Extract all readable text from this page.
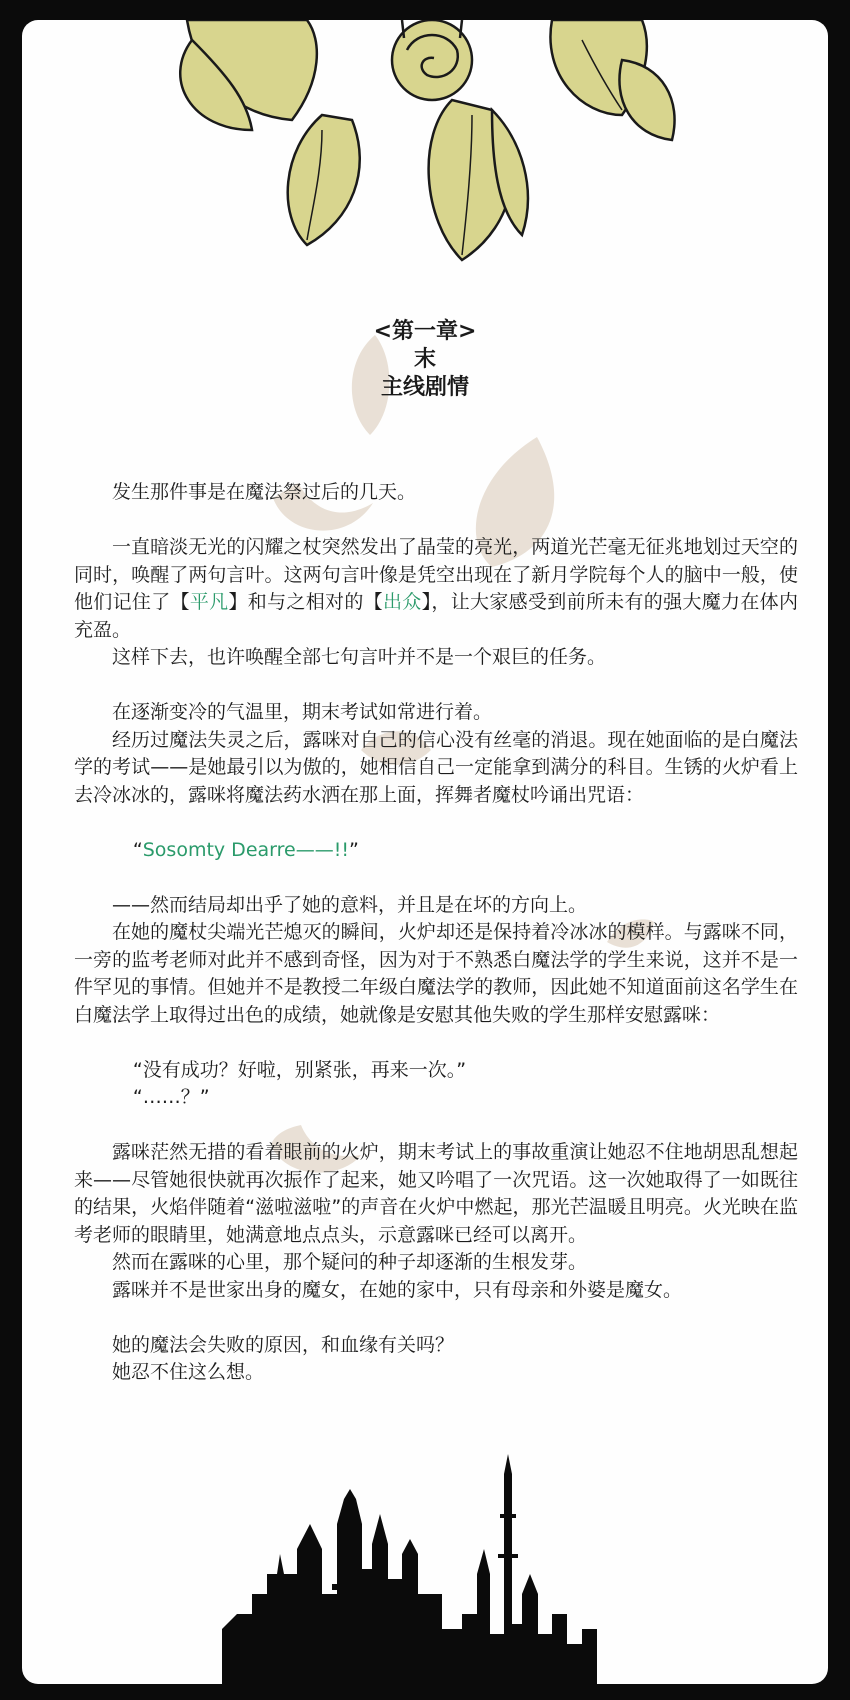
<第一章>
末
主线剧情

发生那件事是在魔法祭过后的几天。

一直暗淡无光的闪耀之杖突然发出了晶莹的亮光，两道光芒毫无征兆地划过天空的同时，唤醒了两句言叶。这两句言叶像是凭空出现在了新月学院每个人的脑中一般，使他们记住了【平凡】和与之相对的【出众】，让大家感受到前所未有的强大魔力在体内充盈。

这样下去，也许唤醒全部七句言叶并不是一个艰巨的任务。

在逐渐变冷的气温里，期末考试如常进行着。

经历过魔法失灵之后，露咪对自己的信心没有丝毫的消退。现在她面临的是白魔法学的考试——是她最引以为傲的，她相信自己一定能拿到满分的科目。生锈的火炉看上去冷冰冰的，露咪将魔法药水洒在那上面，挥舞者魔杖吟诵出咒语：

“Sosomty Dearre——!!”

——然而结局却出乎了她的意料，并且是在坏的方向上。

在她的魔杖尖端光芒熄灭的瞬间，火炉却还是保持着冷冰冰的模样。与露咪不同，一旁的监考老师对此并不感到奇怪，因为对于不熟悉白魔法学的学生来说，这并不是一件罕见的事情。但她并不是教授二年级白魔法学的教师，因此她不知道面前这名学生在白魔法学上取得过出色的成绩，她就像是安慰其他失败的学生那样安慰露咪：

“没有成功？好啦，别紧张，再来一次。”

“……？”

露咪茫然无措的看着眼前的火炉，期末考试上的事故重演让她忍不住地胡思乱想起来——尽管她很快就再次振作了起来，她又吟唱了一次咒语。这一次她取得了一如既往的结果，火焰伴随着“滋啦滋啦”的声音在火炉中燃起，那光芒温暖且明亮。火光映在监考老师的眼睛里，她满意地点点头，示意露咪已经可以离开。

然而在露咪的心里，那个疑问的种子却逐渐的生根发芽。

露咪并不是世家出身的魔女，在她的家中，只有母亲和外婆是魔女。

她的魔法会失败的原因，和血缘有关吗？

她忍不住这么想。
